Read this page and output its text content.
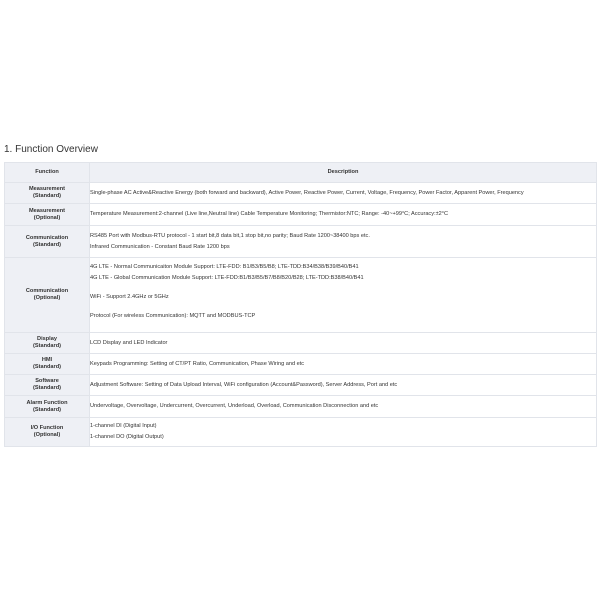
1. Function Overview
Function	Description

Measurement
(Standard)	Single-phase AC Active&Reactive Energy (both forward and backward), Active Power, Reactive Power, Current, Voltage, Frequency, Power Factor, Apparent Power, Frequency

Measurement
(Optional)	Temperature Measurement:2-channel (Live line,Neutral line) Cable Temperature Monitoring; Thermistor:NTC; Range: -40~+99°C; Accuracy:±2°C

Communication
(Standard)	RS485 Port with Modbus-RTU protocol - 1 start bit,8 data bit,1 stop bit,no parity; Baud Rate 1200~38400 bps etc.
Infrared Communication - Constant Baud Rate 1200 bps

Communication
(Optional)	4G LTE - Normal Communicaiton Module Support: LTE-FDD: B1/B3/B5/B8; LTE-TDD:B34/B38/B39/B40/B41
4G LTE - Global Communication Module Support: LTE-FDD:B1/B3/B5/B7/B8/B20/B28; LTE-TDD:B38/B40/B41
WiFi - Support 2.4GHz or 5GHz
Protocol (For wireless Communication): MQTT and MODBUS-TCP

Display
(Standard)	LCD Display and LED Indicator

HMI
(Standard)	Keypads Programming: Setting of CT/PT Ratio, Communication, Phase Wiring and etc

Software
(Standard)	Adjustment Software: Setting of Data Upload Interval, WiFi configuration (Account&Password), Server Address, Port and etc

Alarm Function
(Standard)	Undervoltage, Overvoltage, Undercurrent, Overcurrent, Underload, Overload, Communication Disconnection and etc

I/O Function
(Optional)	1-channel DI (Digital Input)
1-channel DO (Digital Output)
